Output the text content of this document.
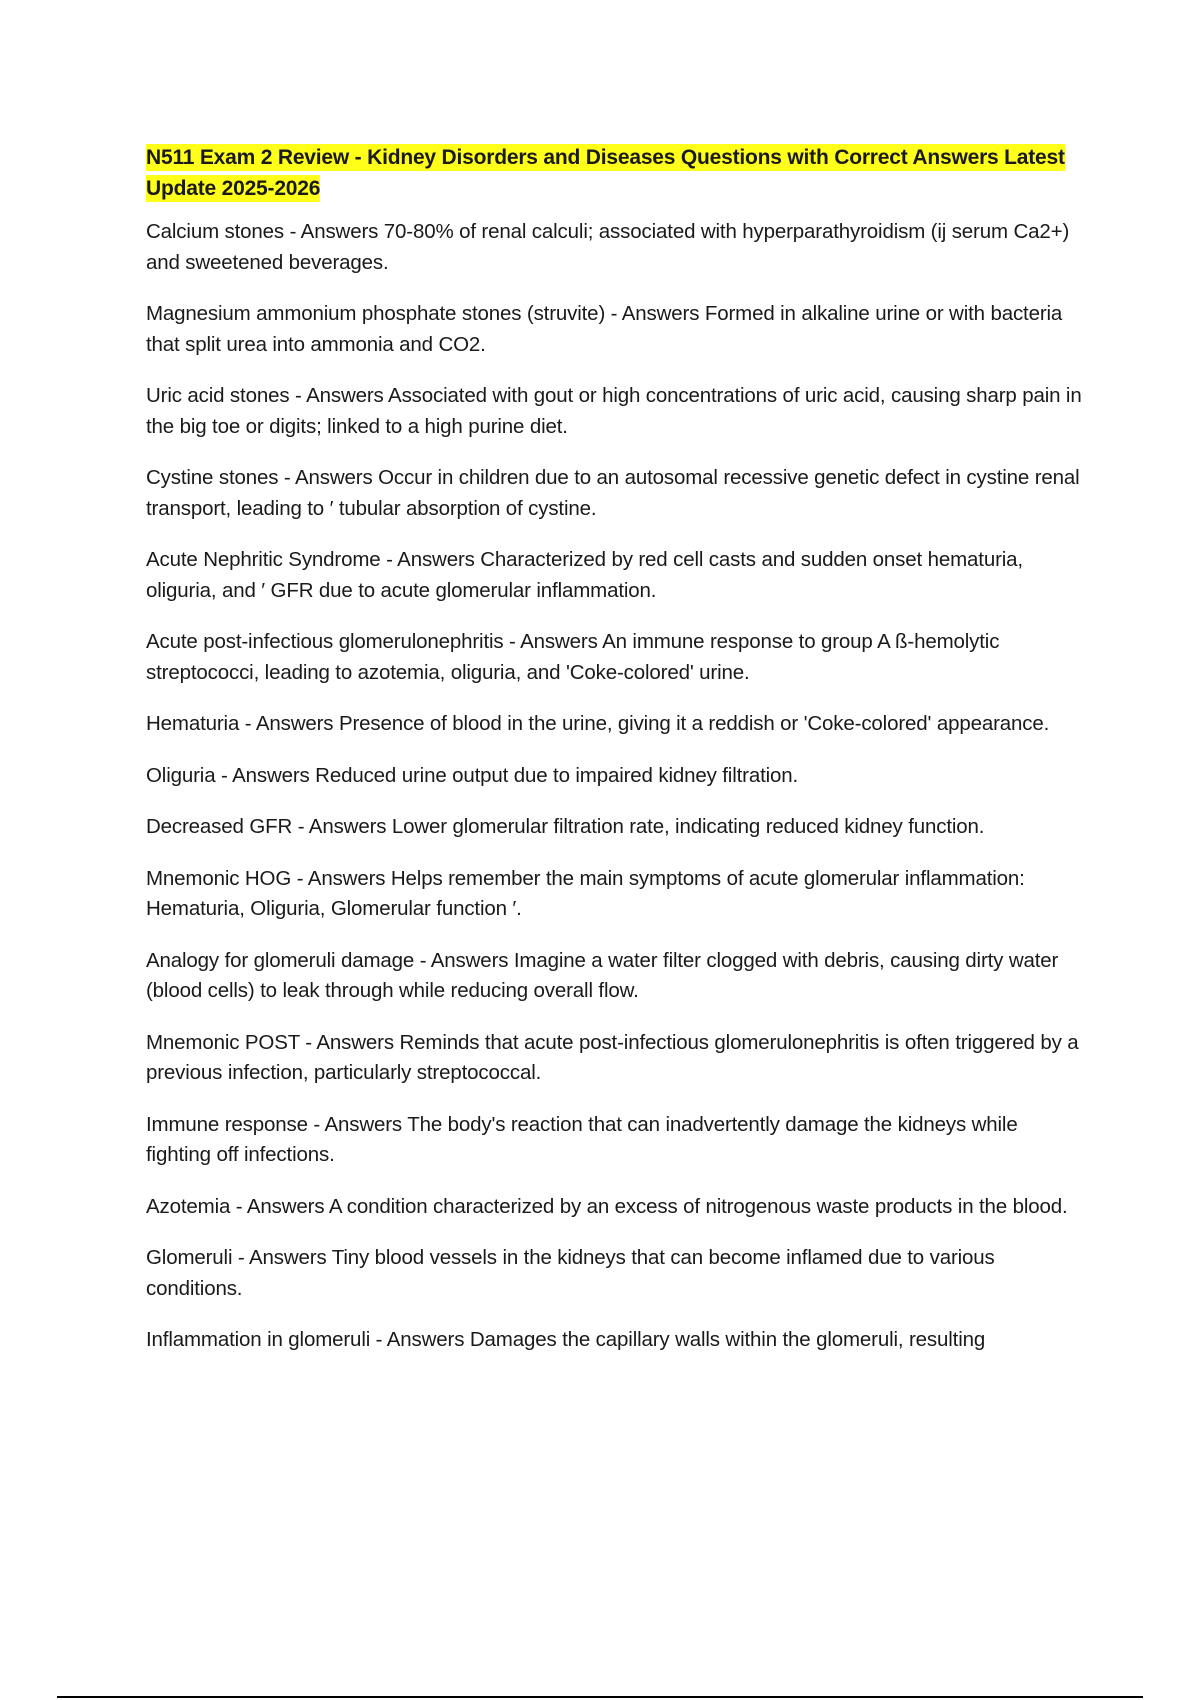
N511 Exam 2 Review - Kidney Disorders and Diseases Questions with Correct Answers Latest Update 2025-2026

Calcium stones - Answers 70-80% of renal calculi; associated with hyperparathyroidism (ij serum Ca2+) and sweetened beverages.

Magnesium ammonium phosphate stones (struvite) - Answers Formed in alkaline urine or with bacteria that split urea into ammonia and CO2.

Uric acid stones - Answers Associated with gout or high concentrations of uric acid, causing sharp pain in the big toe or digits; linked to a high purine diet.

Cystine stones - Answers Occur in children due to an autosomal recessive genetic defect in cystine renal transport, leading to ′ tubular absorption of cystine.

Acute Nephritic Syndrome - Answers Characterized by red cell casts and sudden onset hematuria, oliguria, and ′ GFR due to acute glomerular inflammation.

Acute post-infectious glomerulonephritis - Answers An immune response to group A ß-hemolytic streptococci, leading to azotemia, oliguria, and 'Coke-colored' urine.

Hematuria - Answers Presence of blood in the urine, giving it a reddish or 'Coke-colored' appearance.

Oliguria - Answers Reduced urine output due to impaired kidney filtration.

Decreased GFR - Answers Lower glomerular filtration rate, indicating reduced kidney function.

Mnemonic HOG - Answers Helps remember the main symptoms of acute glomerular inflammation: Hematuria, Oliguria, Glomerular function ′.

Analogy for glomeruli damage - Answers Imagine a water filter clogged with debris, causing dirty water (blood cells) to leak through while reducing overall flow.

Mnemonic POST - Answers Reminds that acute post-infectious glomerulonephritis is often triggered by a previous infection, particularly streptococcal.

Immune response - Answers The body's reaction that can inadvertently damage the kidneys while fighting off infections.

Azotemia - Answers A condition characterized by an excess of nitrogenous waste products in the blood.

Glomeruli - Answers Tiny blood vessels in the kidneys that can become inflamed due to various conditions.

Inflammation in glomeruli - Answers Damages the capillary walls within the glomeruli, resulting
